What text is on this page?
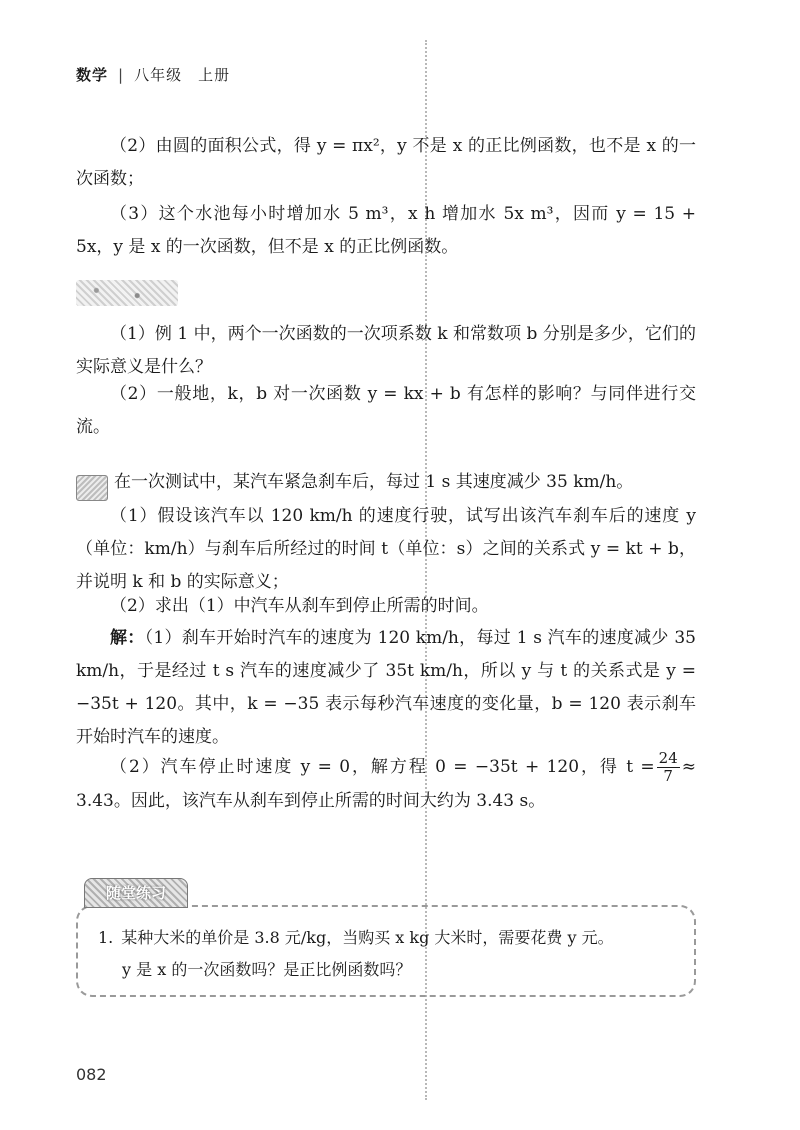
数学 | 八年级　上册
（2）由圆的面积公式，得 y = πx²，y 不是 x 的正比例函数，也不是 x 的一次函数；
（3）这个水池每小时增加水 5 m³，x h 增加水 5x m³，因而 y = 15 + 5x，y 是 x 的一次函数，但不是 x 的正比例函数。
（1）例 1 中，两个一次函数的一次项系数 k 和常数项 b 分别是多少，它们的实际意义是什么？
（2）一般地，k，b 对一次函数 y = kx + b 有怎样的影响？与同伴进行交流。
在一次测试中，某汽车紧急刹车后，每过 1 s 其速度减少 35 km/h。
（1）假设该汽车以 120 km/h 的速度行驶，试写出该汽车刹车后的速度 y（单位：km/h）与刹车后所经过的时间 t（单位：s）之间的关系式 y = kt + b，并说明 k 和 b 的实际意义；
（2）求出（1）中汽车从刹车到停止所需的时间。
解：（1）刹车开始时汽车的速度为 120 km/h，每过 1 s 汽车的速度减少 35 km/h，于是经过 t s 汽车的速度减少了 35t km/h，所以 y 与 t 的关系式是 y = −35t + 120。其中，k = −35 表示每秒汽车速度的变化量，b = 120 表示刹车开始时汽车的速度。
（2）汽车停止时速度 y = 0，解方程 0 = −35t + 120，得 $t = \frac{24}{7} \approx 3.43$。因此，该汽车从刹车到停止所需的时间大约为 3.43 s。
随堂练习
1. 某种大米的单价是 3.8 元/kg，当购买 x kg 大米时，需要花费 y 元。
y 是 x 的一次函数吗？是正比例函数吗？
082
